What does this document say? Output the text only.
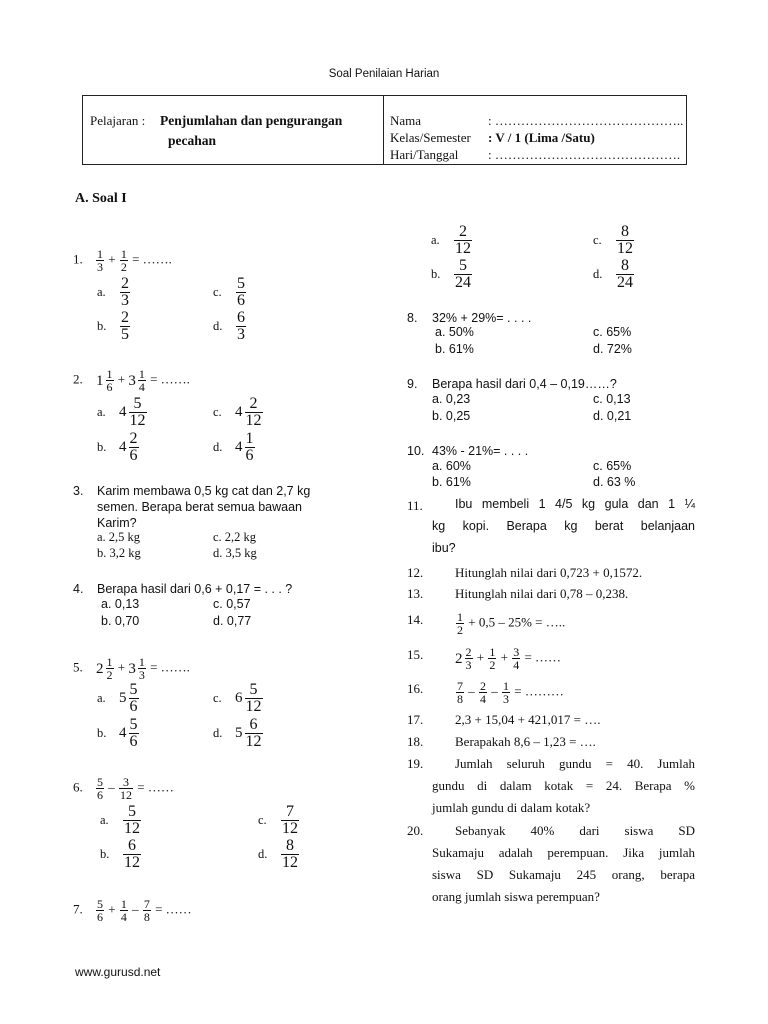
Soal Penilaian Harian
Pelajaran : Penjumlahan dan pengurangan
pecahan
Nama	: ……………………………………..
Kelas/Semester : V / 1 (Lima /Satu)
Hari/Tanggal : …………………………………….
A. Soal I
1. $\frac{1}{3} + \frac{1}{2}$ = …….
a. $\frac{2}{3}$	c. $\frac{5}{6}$
b. $\frac{2}{5}$	d. $\frac{6}{3}$
2. $1 \frac{1}{6} + 3 \frac{1}{4}$ = …….
a. $4 \frac{5}{12}$	c. $4 \frac{2}{12}$
b. $4 \frac{2}{6}$	d. $4 \frac{1}{6}$
3. Karim membawa 0,5 kg cat dan 2,7 kg
semen. Berapa berat semua bawaan
Karim?
a. 2,5 kg	c. 2,2 kg
b. 3,2 kg	d. 3,5 kg
4. Berapa hasil dari 0,6 + 0,17 = . . . ?
a. 0,13	c. 0,57
b. 0,70	d. 0,77
5. $2 \frac{1}{2} + 3 \frac{1}{3}$ = …….
a. $5 \frac{5}{6}$	c. $6 \frac{5}{12}$
b. $4 \frac{5}{6}$	d. $5 \frac{6}{12}$
6. $\frac{5}{6} - \frac{3}{12}$ = ……
a. $\frac{5}{12}$	c. $\frac{7}{12}$
b. $\frac{6}{12}$	d. $\frac{8}{12}$
7. $\frac{5}{6} + \frac{1}{4} - \frac{7}{8}$ = ……
a. $\frac{2}{12}$	c. $\frac{8}{12}$
b. $\frac{5}{24}$	d. $\frac{8}{24}$
8. 32% + 29%= . . . .
a. 50%	c. 65%
b. 61%	d. 72%
9. Berapa hasil dari 0,4 – 0,19……?
a. 0,23	c. 0,13
b. 0,25	d. 0,21
10. 43% - 21%= . . . .
a. 60%	c. 65%
b. 61%	d. 63 %
11.	Ibu membeli 1 4/5 kg gula dan 1 ¼
kg kopi. Berapa kg berat belanjaan
ibu?
12. Hitunglah nilai dari 0,723 + 0,1572.
13. Hitunglah nilai dari 0,78 – 0,238.
14.	$\frac{1}{2} + 0,5 - 25\%$ = …..
15. $2 \frac{2}{3} + \frac{1}{2} + \frac{3}{4}$ = ……
16.	$\frac{7}{8} - \frac{2}{4} - \frac{1}{3}$ = ………
17. 2,3 + 15,04 + 421,017 = ….
18. Berapakah 8,6 – 1,23 = ….
19. Jumlah seluruh gundu = 40. Jumlah
gundu di dalam kotak = 24. Berapa %
jumlah gundu di dalam kotak?
20. Sebanyak 40% dari siswa SD
Sukamaju adalah perempuan. Jika jumlah
siswa SD Sukamaju 245 orang, berapa
orang jumlah siswa perempuan?
www.gurusd.net
